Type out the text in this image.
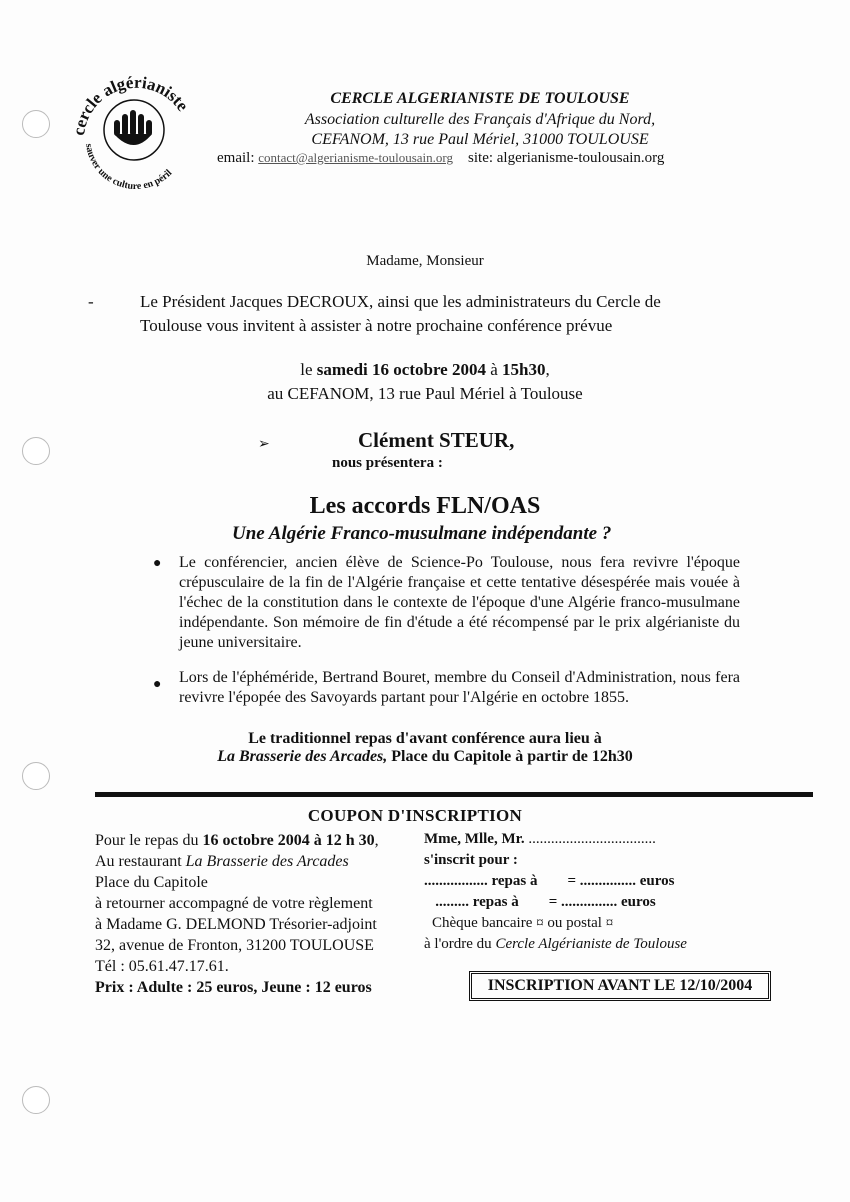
cercle algérianiste
sauver une culture en péril
CERCLE ALGERIANISTE DE TOULOUSE
Association culturelle des Français d'Afrique du Nord,
CEFANOM, 13 rue Paul Mériel, 31000 TOULOUSE
email: contact@algerianisme-toulousain.org site: algerianisme-toulousain.org
Madame, Monsieur
-	Le Président Jacques DECROUX, ainsi que les administrateurs du Cercle de Toulouse vous invitent à assister à notre prochaine conférence prévue
le samedi 16 octobre 2004 à 15h30,
au CEFANOM, 13 rue Paul Mériel à Toulouse
➢	Clément STEUR,
nous présentera :
Les accords FLN/OAS
Une Algérie Franco-musulmane indépendante ?
● Le conférencier, ancien élève de Science-Po Toulouse, nous fera revivre l'époque crépusculaire de la fin de l'Algérie française et cette tentative désespérée mais vouée à l'échec de la constitution dans le contexte de l'époque d'une Algérie franco-musulmane indépendante. Son mémoire de fin d'étude a été récompensé par le prix algérianiste du jeune universitaire.
● Lors de l'éphéméride, Bertrand Bouret, membre du Conseil d'Administration, nous fera revivre l'épopée des Savoyards partant pour l'Algérie en octobre 1855.
Le traditionnel repas d'avant conférence aura lieu à
La Brasserie des Arcades, Place du Capitole à partir de 12h30
COUPON D'INSCRIPTION
Pour le repas du 16 octobre 2004 à 12 h 30,
Au restaurant La Brasserie des Arcades
Place du Capitole
à retourner accompagné de votre règlement
à Madame G. DELMOND Trésorier-adjoint
32, avenue de Fronton, 31200 TOULOUSE
Tél : 05.61.47.17.61.
Prix : Adulte : 25 euros, Jeune : 12 euros
Mme, Mlle, Mr. ..................................
s'inscrit pour :
................. repas à        = ............... euros
......... repas à        = ............... euros
Chèque bancaire ¤ ou postal ¤
à l'ordre du Cercle Algérianiste de Toulouse
INSCRIPTION AVANT LE 12/10/2004
